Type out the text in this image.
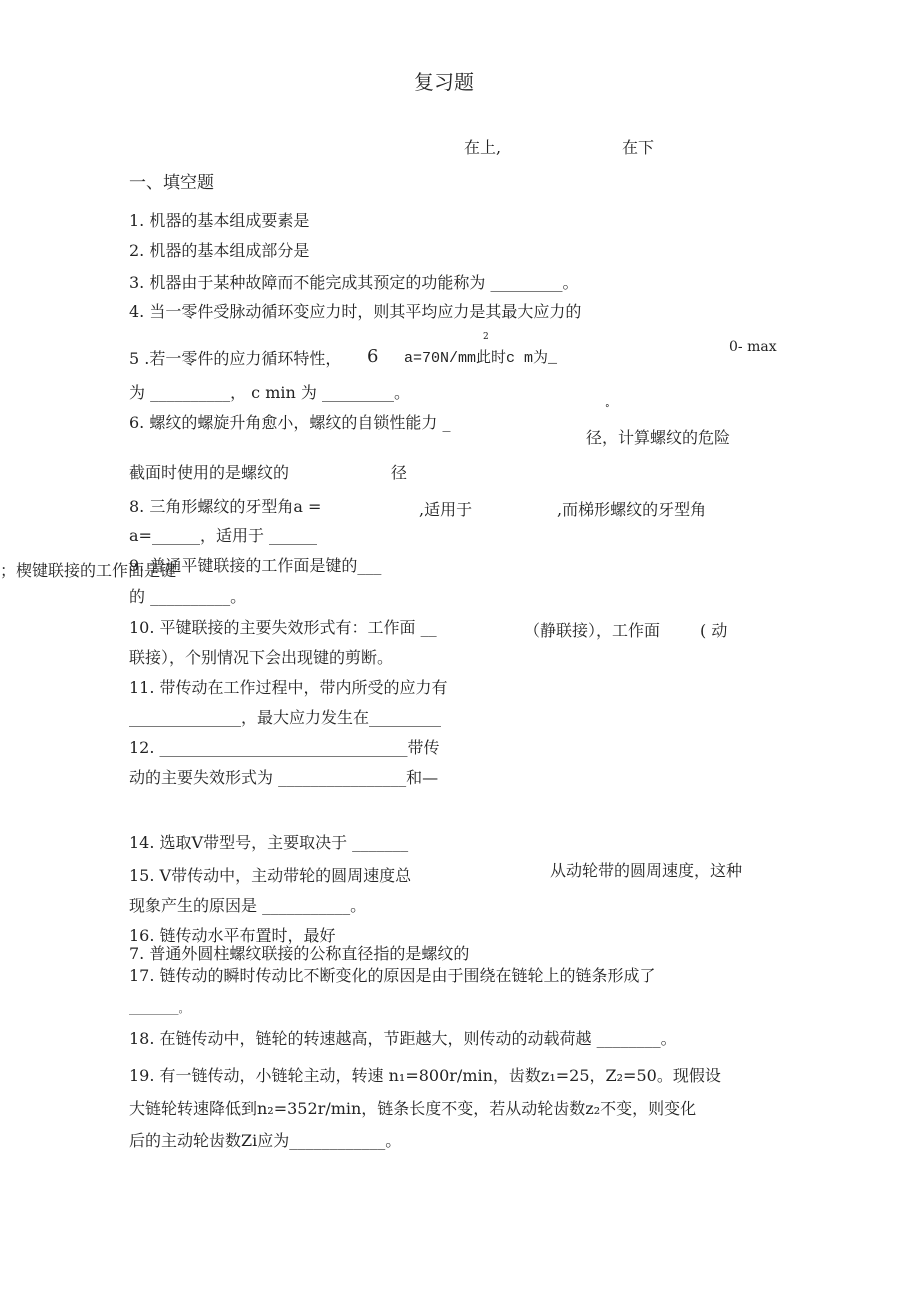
复习题
在上,	在下
一、填空题
1. 机器的基本组成要素是
2. 机器的基本组成部分是
3. 机器由于某种故障而不能完成其预定的功能称为 _________。
4. 当一零件受脉动循环变应力时，则其平均应力是其最大应力的
2
0- max
5 .若一零件的应力循环特性， 6 a=70N/mm此时c m为_
为 __________， c min 为 _________。
°
6. 螺纹的螺旋升角愈小，螺纹的自锁性能力 _
径，计算螺纹的危险
截面时使用的是螺纹的	径
8. 三角形螺纹的牙型角a =	,适用于	,而梯形螺纹的牙型角
a=______，适用于 ______
9. 普通平键联接的工作面是键的___
；楔键联接的工作面是键
的 __________。
10. 平键联接的主要失效形式有：工作面 __	（静联接），工作面 ( 动
联接），个别情况下会出现键的剪断。
11. 带传动在工作过程中，带内所受的应力有
______________，最大应力发生在_________
12. _______________________________带传
动的主要失效形式为 ________________和—
14. 选取V带型号，主要取决于 _______
15. V带传动中，主动带轮的圆周速度总	从动轮带的圆周速度，这种
现象产生的原因是 ___________。
16. 链传动水平布置时，最好
7. 普通外圆柱螺纹联接的公称直径指的是螺纹的
17. 链传动的瞬时传动比不断变化的原因是由于围绕在链轮上的链条形成了
_________。
18. 在链传动中，链轮的转速越高，节距越大，则传动的动载荷越 ________。
19. 有一链传动，小链轮主动，转速 n₁=800r/min，齿数z₁=25，Z₂=50。现假设
大链轮转速降低到n₂=352r/min，链条长度不变，若从动轮齿数z₂不变，则变化
后的主动轮齿数Zi应为____________。
